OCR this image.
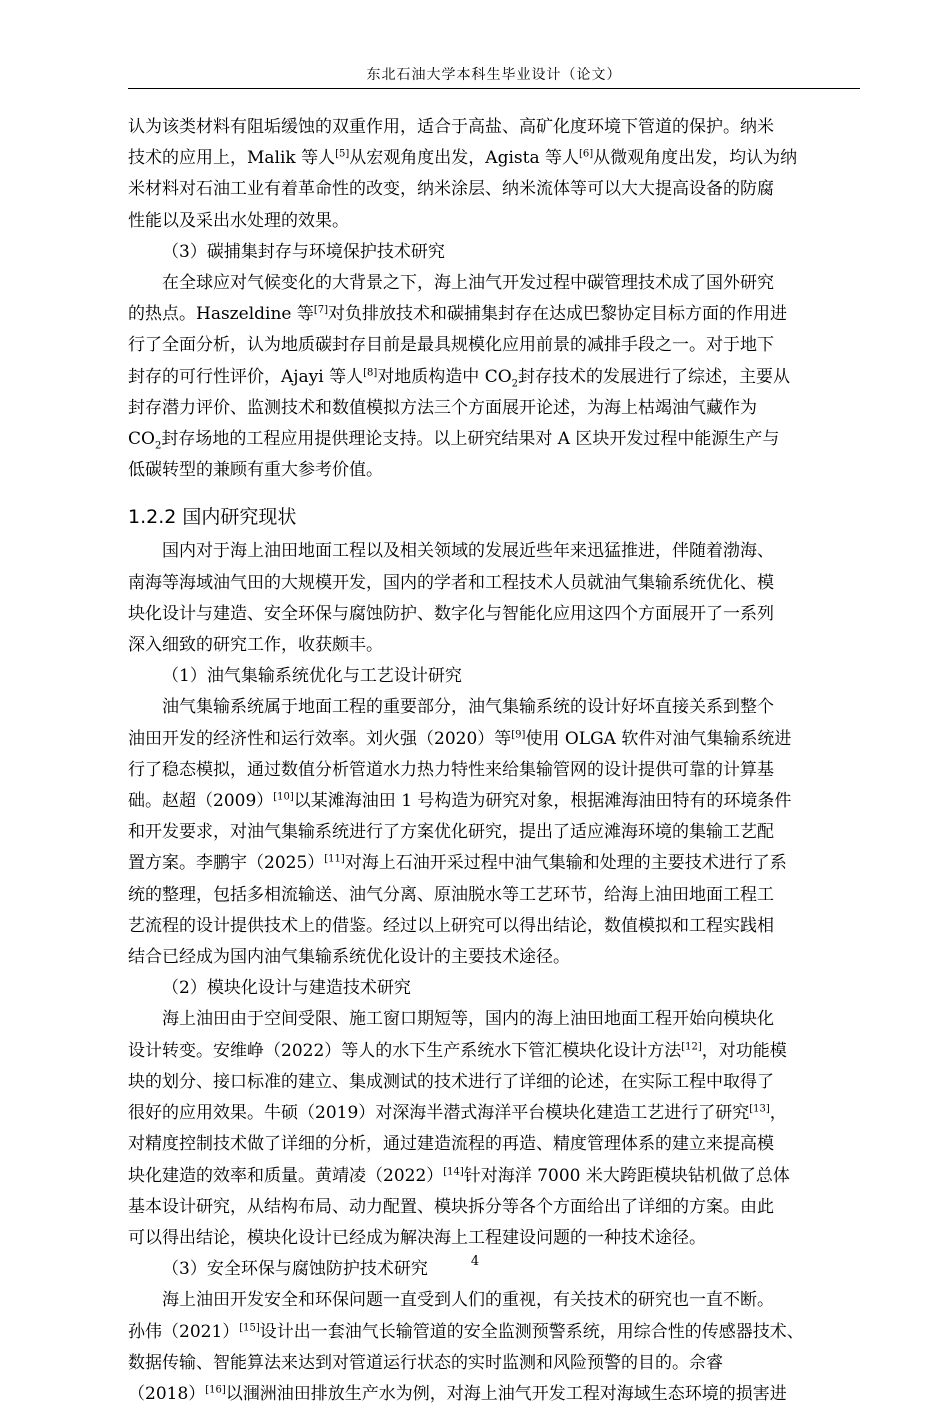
东北石油大学本科生毕业设计（论文）
认为该类材料有阻垢缓蚀的双重作用，适合于高盐、高矿化度环境下管道的保护。纳米
技术的应用上，Malik 等人[5]从宏观角度出发，Agista 等人[6]从微观角度出发，均认为纳
米材料对石油工业有着革命性的改变，纳米涂层、纳米流体等可以大大提高设备的防腐
性能以及采出水处理的效果。
（3）碳捕集封存与环境保护技术研究
在全球应对气候变化的大背景之下，海上油气开发过程中碳管理技术成了国外研究
的热点。Haszeldine 等[7]对负排放技术和碳捕集封存在达成巴黎协定目标方面的作用进
行了全面分析，认为地质碳封存目前是最具规模化应用前景的减排手段之一。对于地下
封存的可行性评价，Ajayi 等人[8]对地质构造中 $CO_2$封存技术的发展进行了综述，主要从
封存潜力评价、监测技术和数值模拟方法三个方面展开论述，为海上枯竭油气藏作为
$CO_2$封存场地的工程应用提供理论支持。以上研究结果对 A 区块开发过程中能源生产与
低碳转型的兼顾有重大参考价值。
1.2.2 国内研究现状
国内对于海上油田地面工程以及相关领域的发展近些年来迅猛推进，伴随着渤海、
南海等海域油气田的大规模开发，国内的学者和工程技术人员就油气集输系统优化、模
块化设计与建造、安全环保与腐蚀防护、数字化与智能化应用这四个方面展开了一系列
深入细致的研究工作，收获颇丰。
（1）油气集输系统优化与工艺设计研究
油气集输系统属于地面工程的重要部分，油气集输系统的设计好坏直接关系到整个
油田开发的经济性和运行效率。刘火强（2020）等[9]使用 OLGA 软件对油气集输系统进
行了稳态模拟，通过数值分析管道水力热力特性来给集输管网的设计提供可靠的计算基
础。赵超（2009）[10]以某滩海油田 1 号构造为研究对象，根据滩海油田特有的环境条件
和开发要求，对油气集输系统进行了方案优化研究，提出了适应滩海环境的集输工艺配
置方案。李鹏宇（2025）[11]对海上石油开采过程中油气集输和处理的主要技术进行了系
统的整理，包括多相流输送、油气分离、原油脱水等工艺环节，给海上油田地面工程工
艺流程的设计提供技术上的借鉴。经过以上研究可以得出结论，数值模拟和工程实践相
结合已经成为国内油气集输系统优化设计的主要技术途径。
（2）模块化设计与建造技术研究
海上油田由于空间受限、施工窗口期短等，国内的海上油田地面工程开始向模块化
设计转变。安维峥（2022）等人的水下生产系统水下管汇模块化设计方法[12]，对功能模
块的划分、接口标准的建立、集成测试的技术进行了详细的论述，在实际工程中取得了
很好的应用效果。牛硕（2019）对深海半潜式海洋平台模块化建造工艺进行了研究[13]，
对精度控制技术做了详细的分析，通过建造流程的再造、精度管理体系的建立来提高模
块化建造的效率和质量。黄靖凌（2022）[14]针对海洋 7000 米大跨距模块钻机做了总体
基本设计研究，从结构布局、动力配置、模块拆分等各个方面给出了详细的方案。由此
可以得出结论，模块化设计已经成为解决海上工程建设问题的一种技术途径。
（3）安全环保与腐蚀防护技术研究
海上油田开发安全和环保问题一直受到人们的重视，有关技术的研究也一直不断。
孙伟（2021）[15]设计出一套油气长输管道的安全监测预警系统，用综合性的传感器技术、
数据传输、智能算法来达到对管道运行状态的实时监测和风险预警的目的。佘睿
（2018）[16]以涠洲油田排放生产水为例，对海上油气开发工程对海域生态环境的损害进
4
